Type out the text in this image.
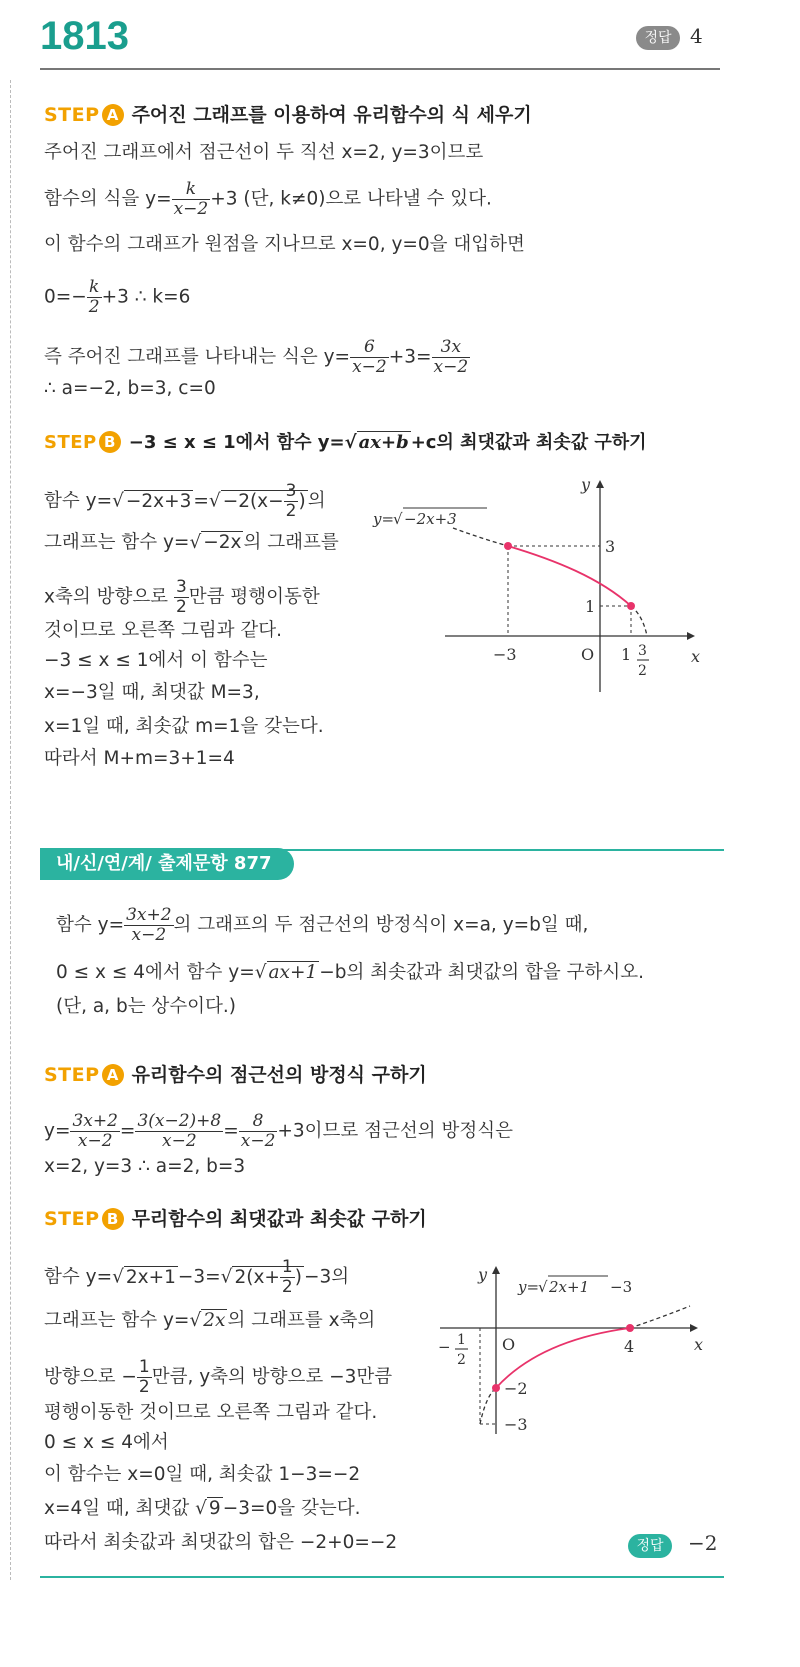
1813	정답 4
STEP A 주어진 그래프를 이용하여 유리함수의 식 세우기
주어진 그래프에서 점근선이 두 직선 x=2, y=3이므로
함수의 식을 $y= \frac{k}{x-2} +3$ (단, k≠0)으로 나타낼 수 있다.
이 함수의 그래프가 원점을 지나므로 x=0, y=0을 대입하면
$0=- \frac{k}{2} +3$ ∴ k=6
즉 주어진 그래프를 나타내는 식은 $y= \frac{6}{x-2} +3= \frac{3x}{x-2}$
∴ a=−2, b=3, c=0
STEP B −3 ≤ x ≤ 1에서 함수 y=√ ax+b +c의 최댓값과 최솟값 구하기
함수 y=√ −2x+3 =√ $-2(x- \frac{3}{2}$ ) 의
그래프는 함수 y=√ −2x 의 그래프를
x축의 방향으로 $\frac{3}{2}$ 만큼 평행이동한
것이므로 오른쪽 그림과 같다.
−3 ≤ x ≤ 1에서 이 함수는
x=−3일 때, 최댓값 M=3,
x=1일 때, 최솟값 m=1을 갖는다.
따라서 M+m=3+1=4
y
x
O
y=
√ −2x+3
3
1
−3	1 3
2
내/신/연/계/ 출제문항 877
함수 $y= \frac{3x+2}{x-2}$ 의 그래프의 두 점근선의 방정식이 x=a, y=b일 때,
0 ≤ x ≤ 4에서 함수 y=√ ax+1 −b의 최솟값과 최댓값의 합을 구하시오.
(단, a, b는 상수이다.)
STEP A 유리함수의 점근선의 방정식 구하기
$y= \frac{3x+2}{x-2} = \frac{3(x-2)+8}{x-2} = \frac{8}{x-2} +3$이므로 점근선의 방정식은
x=2, y=3 ∴ a=2, b=3
STEP B 무리함수의 최댓값과 최솟값 구하기
함수 y=√ 2x+1 −3=√ $2(x+ \frac{1}{2}$ ) −3의
그래프는 함수 y=√ 2x 의 그래프를 x축의
방향으로 − $\frac{1}{2}$ 만큼, y축의 방향으로 −3만큼
평행이동한 것이므로 오른쪽 그림과 같다.
0 ≤ x ≤ 4에서
이 함수는 x=0일 때, 최솟값 1−3=−2
x=4일 때, 최댓값 √ 9 −3=0을 갖는다.
따라서 최솟값과 최댓값의 합은 −2+0=−2	정답	−2
y
x
O
y=
√ 2x+1 −3
4
−2
−3
− 1
2
